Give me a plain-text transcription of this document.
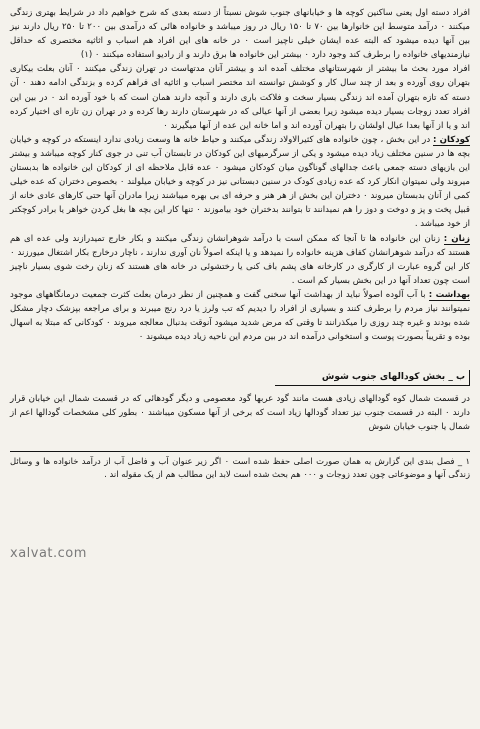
افراد دسته اول یعنی ساکنین کوچه ها و خیابانهای جنوب شوش نسبتاً از دسته بعدی که شرح خواهیم داد در شرایط بهتری زندگی میکنند ۰ درآمد متوسط این خانوارها بین ۷۰ تا ۱۵۰ ریال در روز میباشد و خانواده هائی که درآمدی بین ۲۰۰ تا ۲۵۰ ریال دارند نیز بین آنها دیده میشود که البته عده ایشان خیلی ناچیز است ۰ در خانه های این افراد هم اسباب و اثاثیه مختصری که حداقل نیازمندیهای خانواده را برطرف کند وجود دارد ۰ بیشتر این خانواده ها برق دارند و از رادیو استفاده میکنند ۰ (۱)

افراد مورد بحث ما بیشتر از شهرستانهای مختلف آمده اند و بیشتر آنان مدتهاست در تهران زندگی میکنند ۰ آنان بعلت بیکاری بتهران روی آورده و بعد از چند سال کار و کوشش توانسته اند مختصر اسباب و اثاثیه ای فراهم کرده و بزندگی ادامه دهند ۰ آن دسته که تازه بتهران آمده اند زندگی بسیار سخت و فلاکت باری دارند و آنچه دارند همان است که با خود آورده اند ۰ در بین این افراد تعدد زوجات بسیار دیده میشود زیرا بعضی از آنها عیالی که در شهرستان دارند رها کرده و در تهران زن تازه ای اختیار کرده اند و یا از آنها بعدا عیال اولشان را بتهران آورده اند و اما خانه این عده از آنها میگیرند ۰

کودکان : در این بخش ، چون خانواده های کثیرالاولاد زندگی میکنند و حیاط خانه ها وسعت زیادی ندارد اینستکه در کوچه و خیابان بچه ها در سنین مختلف زیاد دیده میشود و یکی از سرگرمیهای این کودکان در تابستان آب تنی در جوی کنار کوچه میباشد و بیشتر این بازیهای دسته جمعی باعث جدالهای گوناگون میان کودکان میشود ۰ عده قابل ملاحظه ای از کودکان این خانواده ها بدبستان میروند ولی نمیتوان انکار کرد که عده زیادی کودک در سنین دبستانی نیز در کوچه و خیابان میلولند ۰ بخصوص دختران که عده خیلی کمی از آنان بدبستان میروند ۰ دختران این بخش از هر هنر و حرفه ای بی بهره میباشند زیرا مادران آنها حتی کارهای عادی خانه از قبیل پخت و پز و دوخت و دوز را هم نمیدانند تا بتوانند بدختران خود بیاموزند ۰ تنها کار این بچه ها بغل کردن خواهر یا برادر کوچکتر از خود میباشد .

زنان : زنان این خانواده ها تا آنجا که ممکن است با درآمد شوهرانشان زندگی میکنند و بکار خارج تمیدرازند ولی عده ای هم هستند که درآمد شوهرانشان کفاف هزینه خانواده را نمیدهد و یا اینکه اصولاً نان آوری ندارند ، ناچار درخارج بکار اشتغال میورزند ۰ کار این گروه عبارت از کارگری در کارخانه های پشم باف کنی یا رختشوئی در خانه های هستند که زنان رخت شوی بسیار ناچیز است چون تعداد آنها در این بخش بسیار کم است .

بهداشت : با آب آلوده اصولاً نباید از بهداشت آنها سخنی گفت و همچنین از نظر درمان بعلت کثرت جمعیت درمانگاههای موجود نمیتوانند نیاز مردم را برطرف کنند و بسیاری از افراد را دیدیم که تب ولرز یا درد رنج میبرند و برای مراجعه بپزشک دچار مشکل شده بودند و غیره چند روزی را میکذرانند تا وقتی که مرض شدید میشود آنوقت بدنبال معالجه میروند ۰ کودکانی که مبتلا به اسهال بوده و تقریباً بصورت پوست و استخوانی درآمده اند در بین مردم این ناحیه زیاد دیده میشوند ۰

ب _ بخش کودالهای جنوب شوش

در قسمت شمال کوه گودالهای زیادی هست مانند گود عربها گود معصومی و دیگر گودهائی که در قسمت شمال این خیابان قرار دارند ۰ البته در قسمت جنوب نیز تعداد گودالها زیاد است که برخی از آنها مسکون میباشند ۰ بطور کلی مشخصات گودالها اعم از شمال یا جنوب خیابان شوش

۱ _ فصل بندی این گزارش به همان صورت اصلی حفظ شده است ۰ اگر زیر عنوان آب و فاضل آب از درآمد خانواده ها و وسائل زندگی آنها و موضوعاتی چون تعدد زوجات و ۰۰۰ هم بحث شده است لابد این مطالب هم از یک مقوله اند .

xalvat.com
